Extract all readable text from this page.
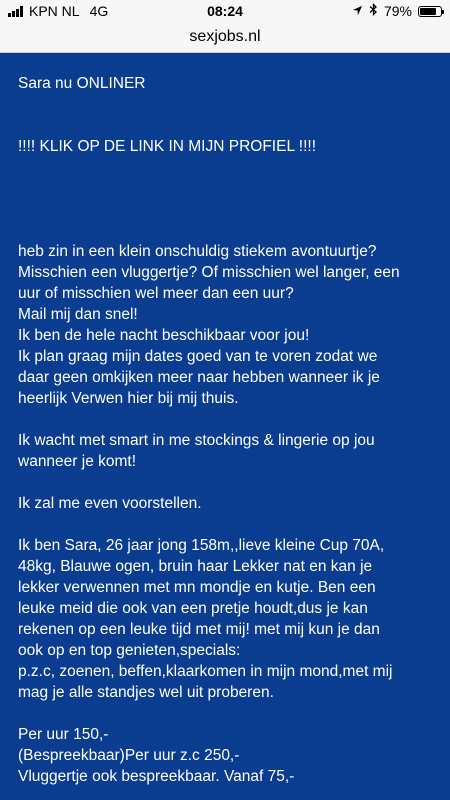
KPN NL 4G	08:24	79%
sexjobs.nl

Sara nu ONLINER

!!!! KLIK OP DE LINK IN MIJN PROFIEL !!!!

heb zin in een klein onschuldig stiekem avontuurtje?

Misschien een vluggertje? Of misschien wel langer, een

uur of misschien wel meer dan een uur?

Mail mij dan snel!

Ik ben de hele nacht beschikbaar voor jou!

Ik plan graag mijn dates goed van te voren zodat we

daar geen omkijken meer naar hebben wanneer ik je

heerlijk Verwen hier bij mij thuis.

Ik wacht met smart in me stockings & lingerie op jou

wanneer je komt!

Ik zal me even voorstellen.

Ik ben Sara, 26 jaar jong 158m,,lieve kleine Cup 70A,

48kg, Blauwe ogen, bruin haar Lekker nat en kan je

lekker verwennen met mn mondje en kutje. Ben een

leuke meid die ook van een pretje houdt,dus je kan

rekenen op een leuke tijd met mij! met mij kun je dan

ook op en top genieten,specials:

p.z.c, zoenen, beffen,klaarkomen in mijn mond,met mij

mag je alle standjes wel uit proberen.

Per uur 150,-

(Bespreekbaar)Per uur z.c 250,-

Vluggertje ook bespreekbaar. Vanaf 75,-
